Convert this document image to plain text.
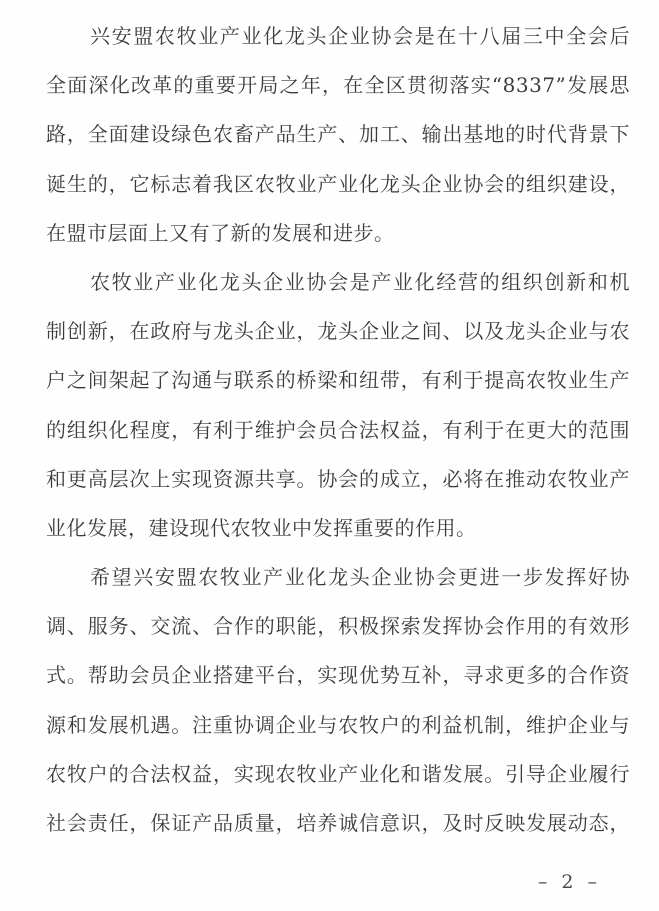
兴安盟农牧业产业化龙头企业协会是在十八届三中全会后
全面深化改革的重要开局之年，在全区贯彻落实“8337”发展思
路，全面建设绿色农畜产品生产、加工、输出基地的时代背景下
诞生的，它标志着我区农牧业产业化龙头企业协会的组织建设，
在盟市层面上又有了新的发展和进步。
农牧业产业化龙头企业协会是产业化经营的组织创新和机
制创新，在政府与龙头企业，龙头企业之间、以及龙头企业与农
户之间架起了沟通与联系的桥梁和纽带，有利于提高农牧业生产
的组织化程度，有利于维护会员合法权益，有利于在更大的范围
和更高层次上实现资源共享。协会的成立，必将在推动农牧业产
业化发展，建设现代农牧业中发挥重要的作用。
希望兴安盟农牧业产业化龙头企业协会更进一步发挥好协
调、服务、交流、合作的职能，积极探索发挥协会作用的有效形
式。帮助会员企业搭建平台，实现优势互补，寻求更多的合作资
源和发展机遇。注重协调企业与农牧户的利益机制，维护企业与
农牧户的合法权益，实现农牧业产业化和谐发展。引导企业履行
社会责任，保证产品质量，培养诚信意识，及时反映发展动态，
– 2 –
